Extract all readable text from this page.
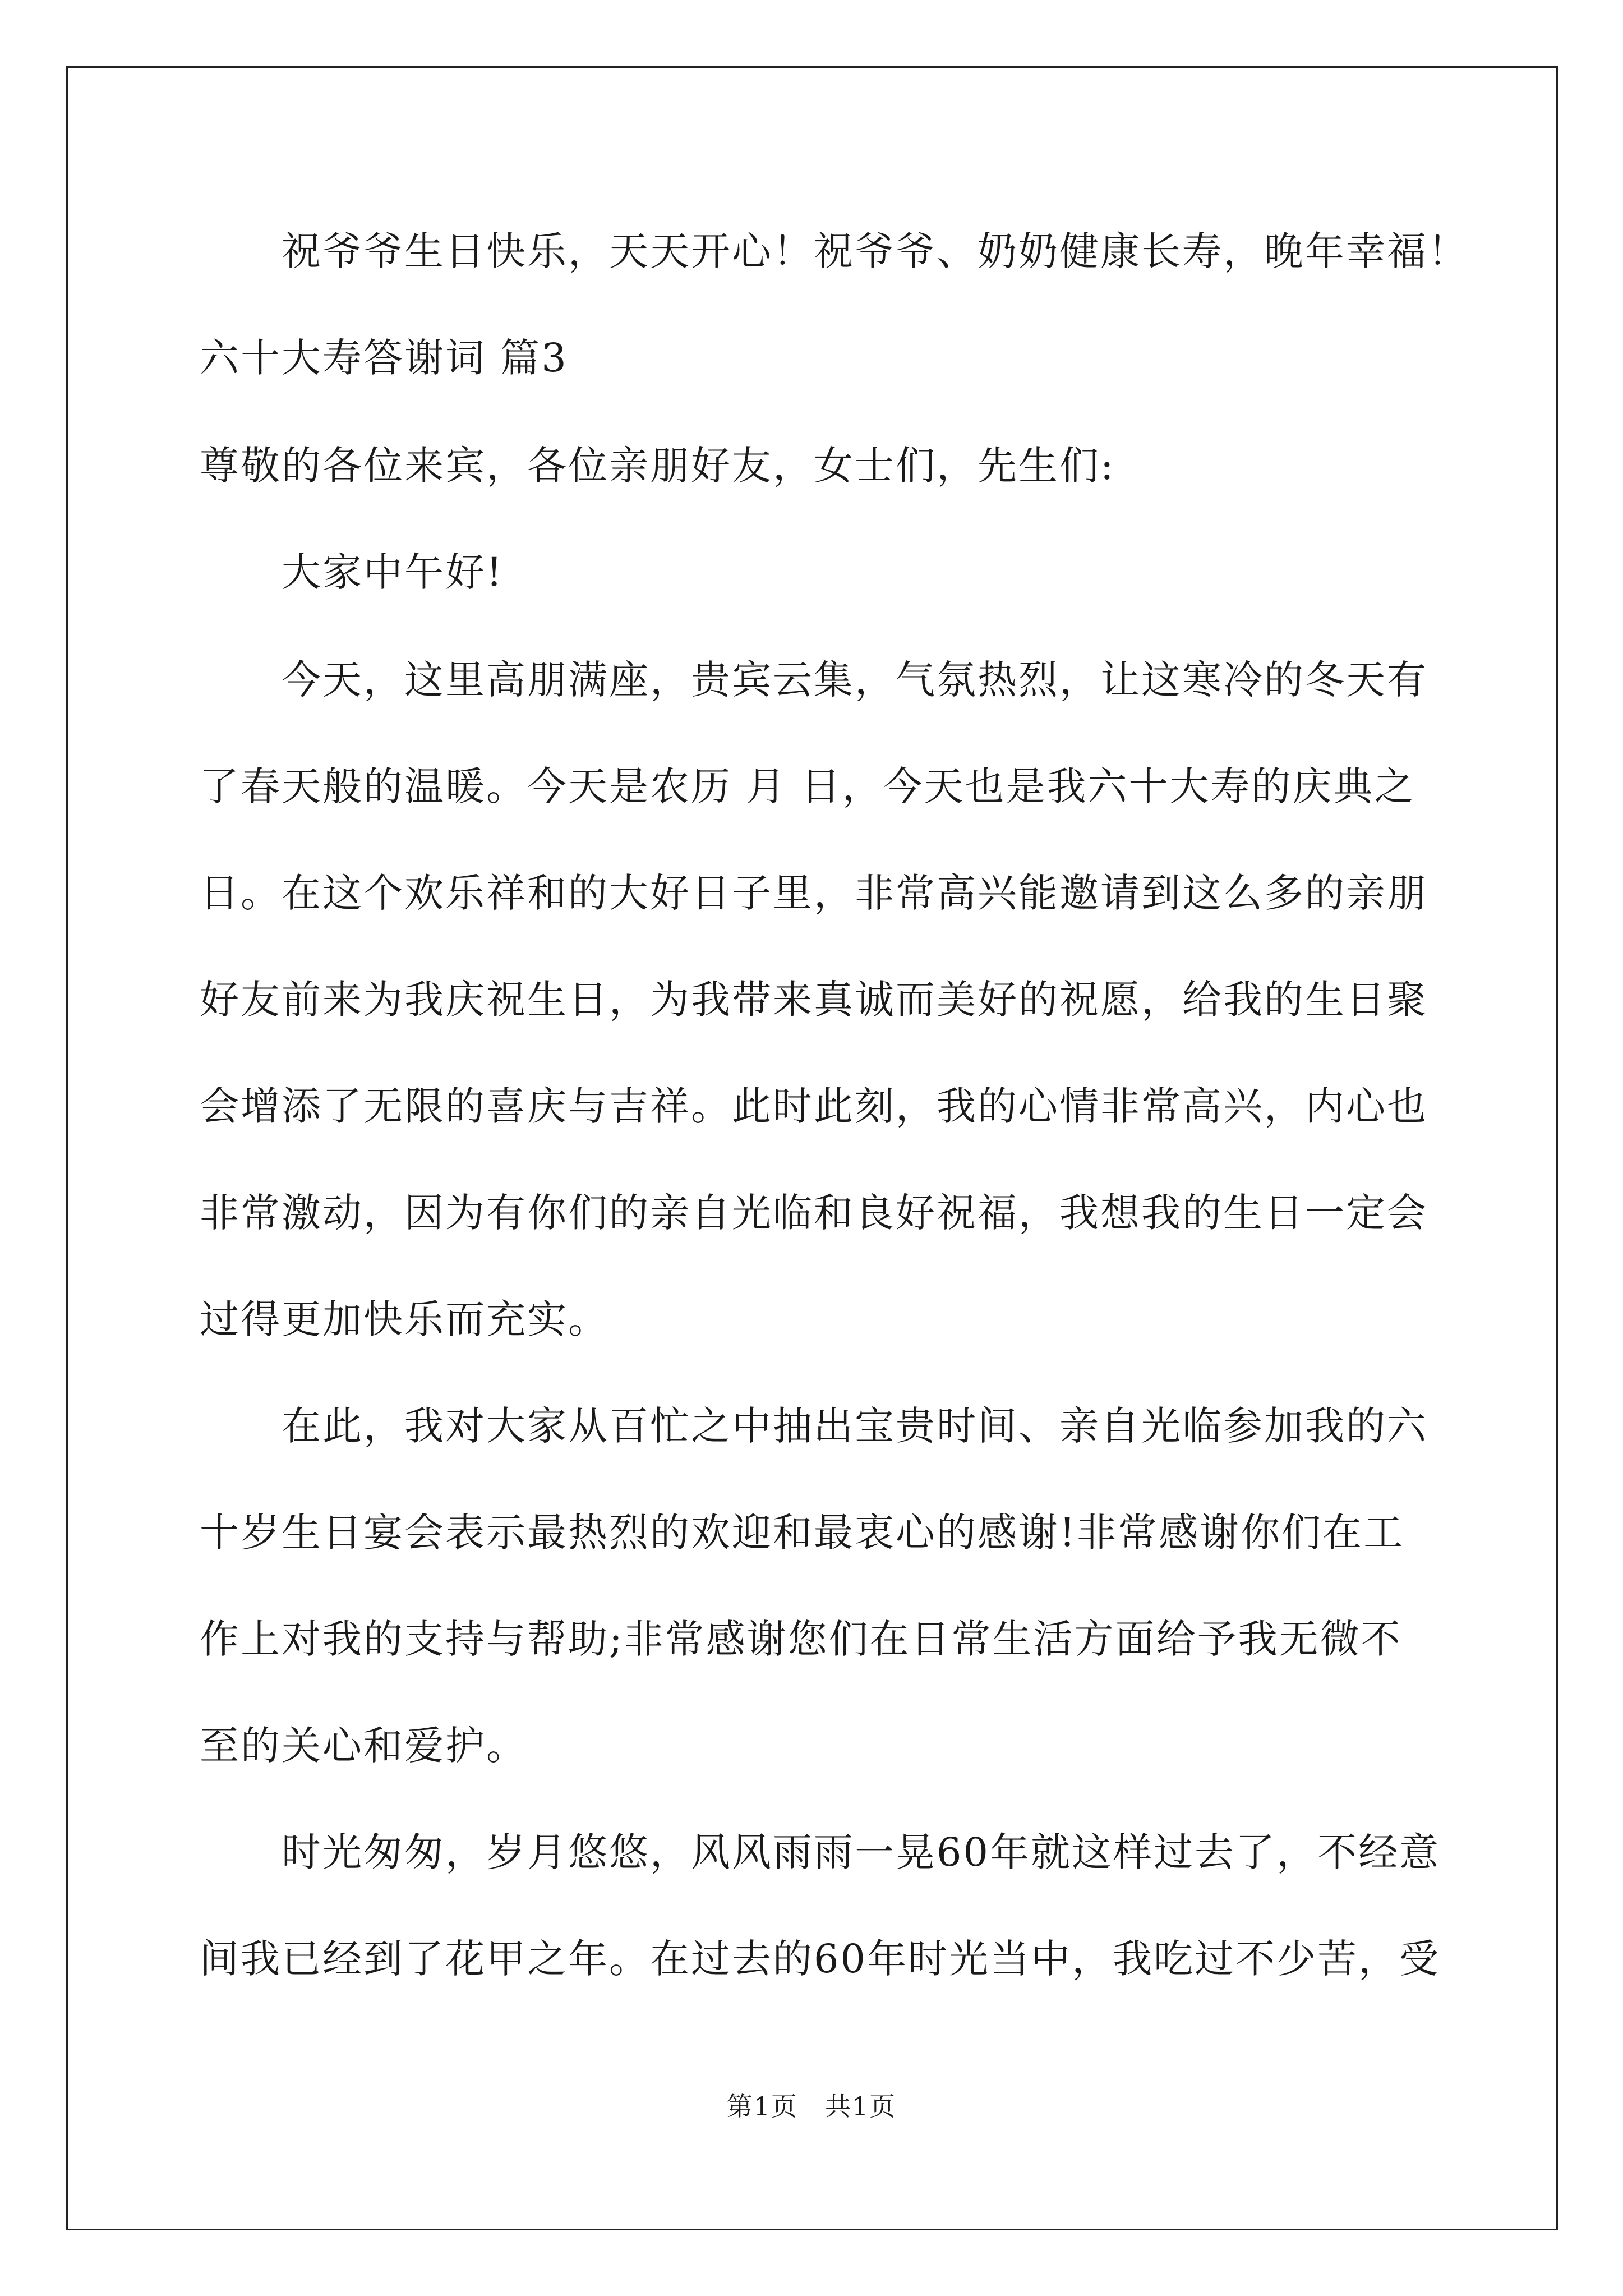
祝爷爷生日快乐，天天开心！祝爷爷、奶奶健康长寿，晚年幸福！
六十大寿答谢词 篇3
尊敬的各位来宾，各位亲朋好友，女士们，先生们:
大家中午好!
今天，这里高朋满座，贵宾云集，气氛热烈，让这寒冷的冬天有
了春天般的温暖。今天是农历 月 日，今天也是我六十大寿的庆典之
日。在这个欢乐祥和的大好日子里，非常高兴能邀请到这么多的亲朋
好友前来为我庆祝生日，为我带来真诚而美好的祝愿，给我的生日聚
会增添了无限的喜庆与吉祥。此时此刻，我的心情非常高兴，内心也
非常激动，因为有你们的亲自光临和良好祝福，我想我的生日一定会
过得更加快乐而充实。
在此，我对大家从百忙之中抽出宝贵时间、亲自光临参加我的六
十岁生日宴会表示最热烈的欢迎和最衷心的感谢!非常感谢你们在工
作上对我的支持与帮助;非常感谢您们在日常生活方面给予我无微不
至的关心和爱护。
时光匆匆，岁月悠悠，风风雨雨一晃60年就这样过去了，不经意
间我已经到了花甲之年。在过去的60年时光当中，我吃过不少苦，受
第1页　共1页
